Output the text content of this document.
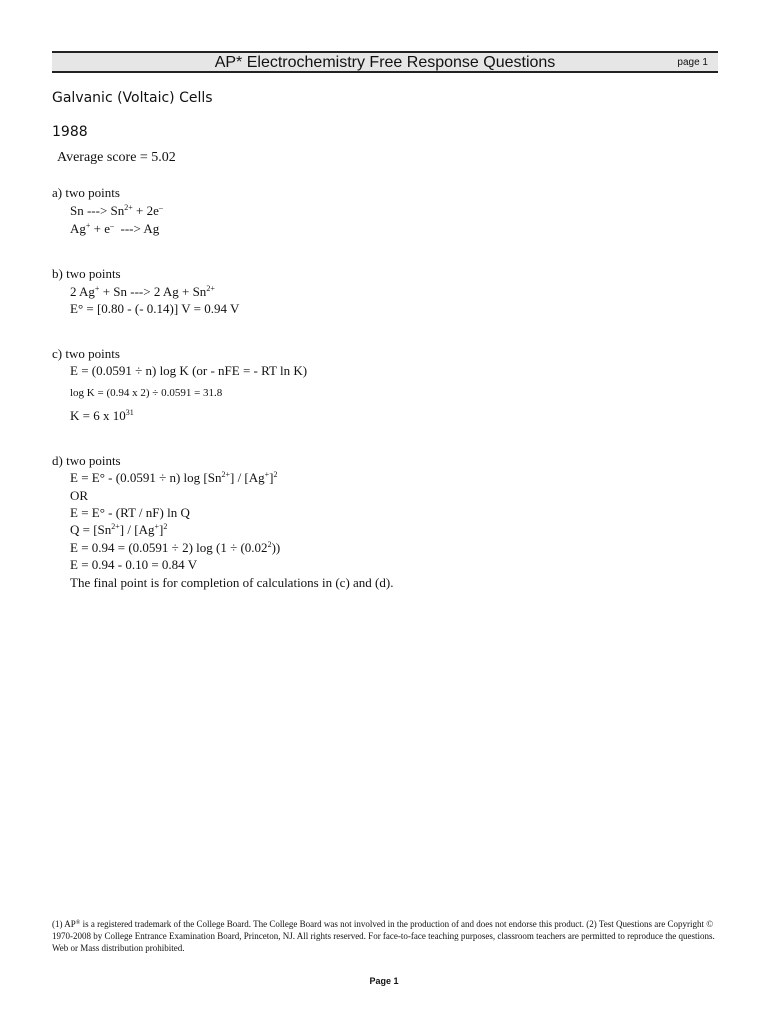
AP* Electrochemistry Free Response Questions	page 1
Galvanic (Voltaic) Cells
1988
Average score = 5.02
a) two points
Sn ---> $Sn^{2+} + 2e^-$
Ag+ + e–  ---> Ag
b) two points
2 Ag+ + Sn ---> 2 $Ag + Sn^{2+}$
E° = [0.80 - (- 0.14)] V = 0.94 V
c) two points
E = (0.0591 ÷ n) log K (or - nFE = - RT ln K)
log K = (0.94 x 2) ÷ 0.0591 = 31.8
K = 6 x $10^{31}$
d) two points
E = E° - (0.0591 ÷ n) $\log [Sn^{2+}] / [Ag^+]^2$
OR
E = E° - (RT / nF) ln Q
$Q = [Sn^{2+}] / [Ag^+]^2$
E = 0.94 = (0.0591 ÷ 2) $\log (1 \div (0.02^2))$
E = 0.94 - 0.10 = 0.84 V
The final point is for completion of calculations in (c) and (d).
(1) AP® is a registered trademark of the College Board. The College Board was not involved in the production of and does not endorse this product. (2) Test Questions are Copyright © 1970-2008 by College Entrance Examination Board, Princeton, NJ. All rights reserved. For face-to-face teaching purposes, classroom teachers are permitted to reproduce the questions. Web or Mass distribution prohibited.
Page 1
